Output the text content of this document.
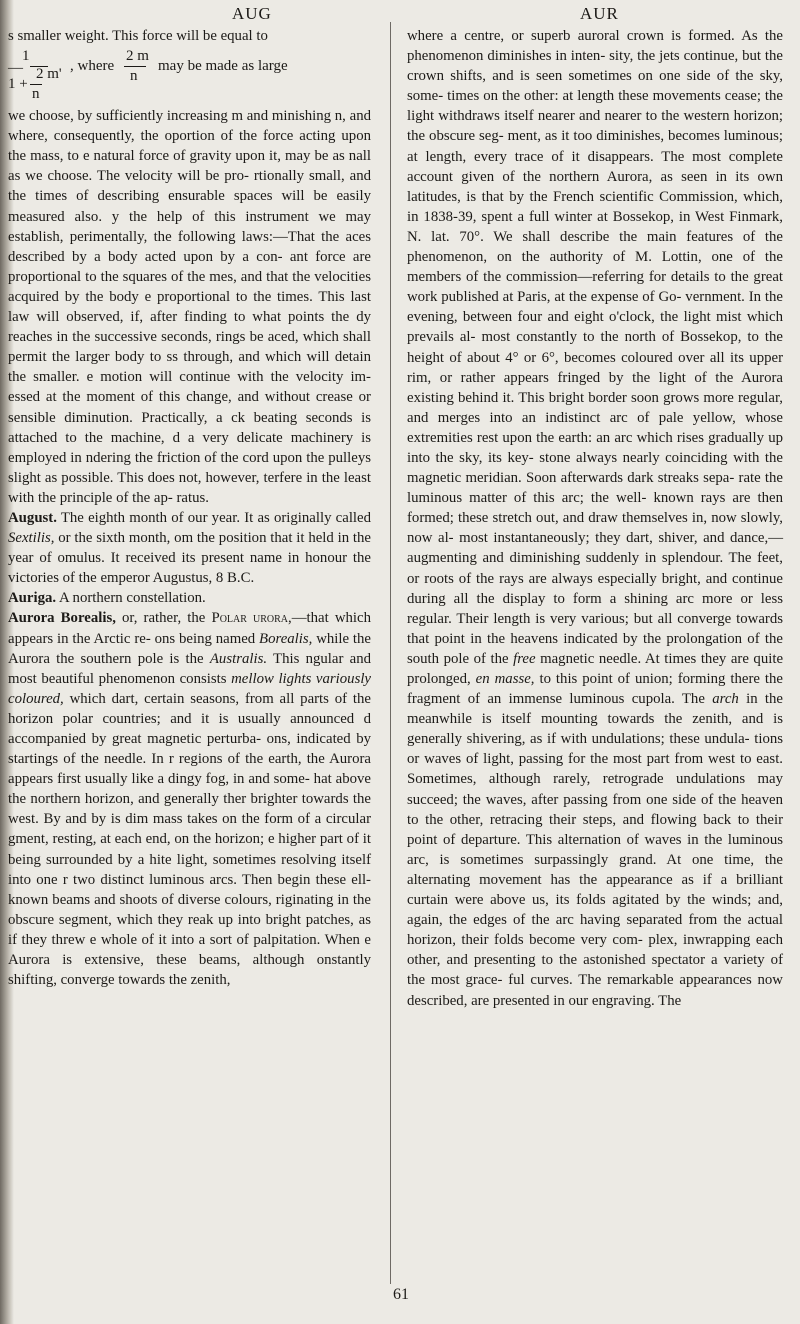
AUG	AUR

s smaller weight. This force will be equal to

1
— 2 m' , where
2 m
n
may be made as large
1 +
n

we choose, by sufficiently increasing m and minishing n, and where, consequently, the oportion of the force acting upon the mass, to e natural force of gravity upon it, may be as nall as we choose. The velocity will be pro- rtionally small, and the times of describing ensurable spaces will be easily measured also. y the help of this instrument we may establish, perimentally, the following laws:—That the aces described by a body acted upon by a con- ant force are proportional to the squares of the mes, and that the velocities acquired by the body e proportional to the times. This last law will observed, if, after finding to what points the dy reaches in the successive seconds, rings be aced, which shall permit the larger body to ss through, and which will detain the smaller. e motion will continue with the velocity im- essed at the moment of this change, and without crease or sensible diminution. Practically, a ck beating seconds is attached to the machine, d a very delicate machinery is employed in ndering the friction of the cord upon the pulleys slight as possible. This does not, however, terfere in the least with the principle of the ap- ratus.

August. The eighth month of our year. It as originally called Sextilis, or the sixth month, om the position that it held in the year of omulus. It received its present name in honour the victories of the emperor Augustus, 8 B.C.

Auriga. A northern constellation.

Aurora Borealis, or, rather, the Polar urora,—that which appears in the Arctic re- ons being named Borealis, while the Aurora the southern pole is the Australis. This ngular and most beautiful phenomenon consists mellow lights variously coloured, which dart, certain seasons, from all parts of the horizon polar countries; and it is usually announced d accompanied by great magnetic perturba- ons, indicated by startings of the needle. In r regions of the earth, the Aurora appears first usually like a dingy fog, in and some- hat above the northern horizon, and generally ther brighter towards the west. By and by is dim mass takes on the form of a circular gment, resting, at each end, on the horizon; e higher part of it being surrounded by a hite light, sometimes resolving itself into one r two distinct luminous arcs. Then begin these ell-known beams and shoots of diverse colours, riginating in the obscure segment, which they reak up into bright patches, as if they threw e whole of it into a sort of palpitation. When e Aurora is extensive, these beams, although onstantly shifting, converge towards the zenith,

where a centre, or superb auroral crown is formed. As the phenomenon diminishes in inten- sity, the jets continue, but the crown shifts, and is seen sometimes on one side of the sky, some- times on the other: at length these movements cease; the light withdraws itself nearer and nearer to the western horizon; the obscure seg- ment, as it too diminishes, becomes luminous; at length, every trace of it disappears. The most complete account given of the northern Aurora, as seen in its own latitudes, is that by the French scientific Commission, which, in 1838-39, spent a full winter at Bossekop, in West Finmark, N. lat. 70°. We shall describe the main features of the phenomenon, on the authority of M. Lottin, one of the members of the commission—referring for details to the great work published at Paris, at the expense of Go- vernment. In the evening, between four and eight o'clock, the light mist which prevails al- most constantly to the north of Bossekop, to the height of about 4° or 6°, becomes coloured over all its upper rim, or rather appears fringed by the light of the Aurora existing behind it. This bright border soon grows more regular, and merges into an indistinct arc of pale yellow, whose extremities rest upon the earth: an arc which rises gradually up into the sky, its key- stone always nearly coinciding with the magnetic meridian. Soon afterwards dark streaks sepa- rate the luminous matter of this arc; the well- known rays are then formed; these stretch out, and draw themselves in, now slowly, now al- most instantaneously; they dart, shiver, and dance,—augmenting and diminishing suddenly in splendour. The feet, or roots of the rays are always especially bright, and continue during all the display to form a shining arc more or less regular. Their length is very various; but all converge towards that point in the heavens indicated by the prolongation of the south pole of the free magnetic needle. At times they are quite prolonged, en masse, to this point of union; forming there the fragment of an immense luminous cupola. The arch in the meanwhile is itself mounting towards the zenith, and is generally shivering, as if with undulations; these undula- tions or waves of light, passing for the most part from west to east. Sometimes, although rarely, retrograde undulations may succeed; the waves, after passing from one side of the heaven to the other, retracing their steps, and flowing back to their point of departure. This alternation of waves in the luminous arc, is sometimes surpassingly grand. At one time, the alternating movement has the appearance as if a brilliant curtain were above us, its folds agitated by the winds; and, again, the edges of the arc having separated from the actual horizon, their folds become very com- plex, inwrapping each other, and presenting to the astonished spectator a variety of the most grace- ful curves. The remarkable appearances now described, are presented in our engraving. The

61
